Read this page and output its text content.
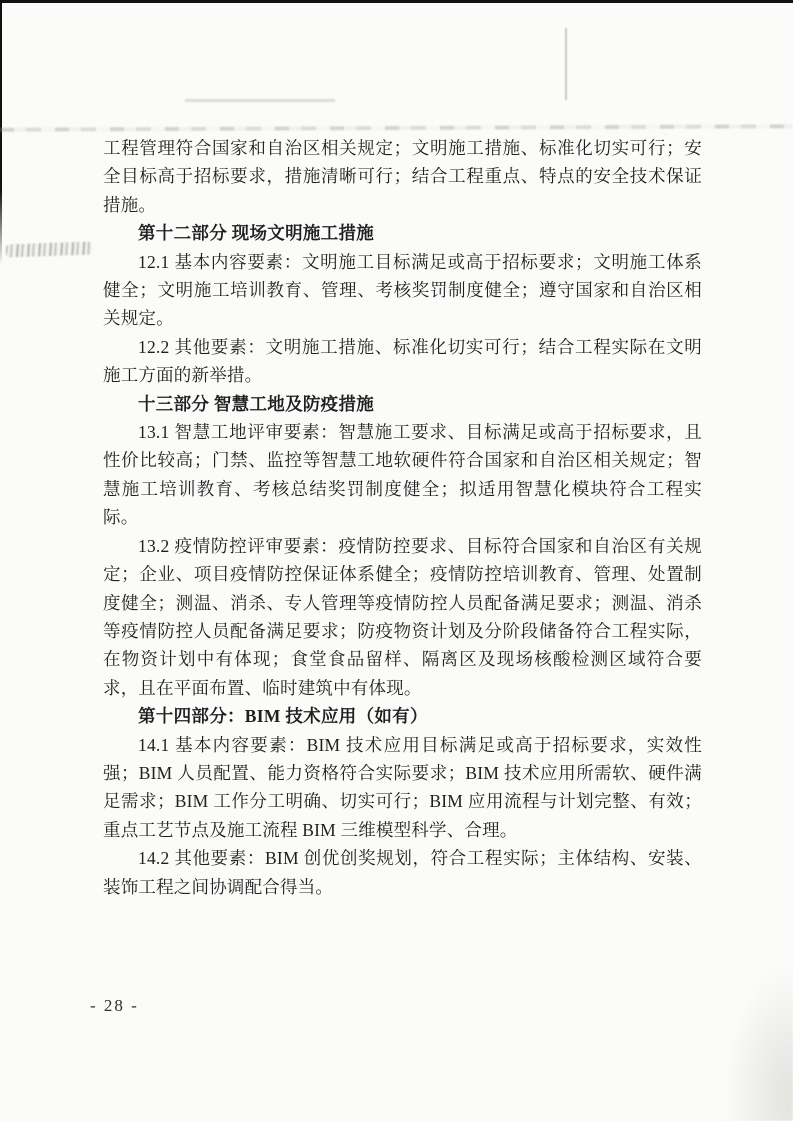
工程管理符合国家和自治区相关规定；文明施工措施、标准化切实可行；安全目标高于招标要求，措施清晰可行；结合工程重点、特点的安全技术保证措施。

第十二部分 现场文明施工措施

12.1 基本内容要素：文明施工目标满足或高于招标要求；文明施工体系健全；文明施工培训教育、管理、考核奖罚制度健全；遵守国家和自治区相关规定。

12.2 其他要素：文明施工措施、标准化切实可行；结合工程实际在文明施工方面的新举措。

十三部分 智慧工地及防疫措施

13.1 智慧工地评审要素：智慧施工要求、目标满足或高于招标要求，且性价比较高；门禁、监控等智慧工地软硬件符合国家和自治区相关规定；智慧施工培训教育、考核总结奖罚制度健全；拟适用智慧化模块符合工程实际。

13.2 疫情防控评审要素：疫情防控要求、目标符合国家和自治区有关规定；企业、项目疫情防控保证体系健全；疫情防控培训教育、管理、处置制度健全；测温、消杀、专人管理等疫情防控人员配备满足要求；测温、消杀等疫情防控人员配备满足要求；防疫物资计划及分阶段储备符合工程实际，在物资计划中有体现；食堂食品留样、隔离区及现场核酸检测区域符合要求，且在平面布置、临时建筑中有体现。

第十四部分：BIM 技术应用（如有）

14.1 基本内容要素：BIM 技术应用目标满足或高于招标要求，实效性强；BIM 人员配置、能力资格符合实际要求；BIM 技术应用所需软、硬件满足需求；BIM 工作分工明确、切实可行；BIM 应用流程与计划完整、有效；重点工艺节点及施工流程 BIM 三维模型科学、合理。

14.2 其他要素：BIM 创优创奖规划，符合工程实际；主体结构、安装、装饰工程之间协调配合得当。

- 28 -
